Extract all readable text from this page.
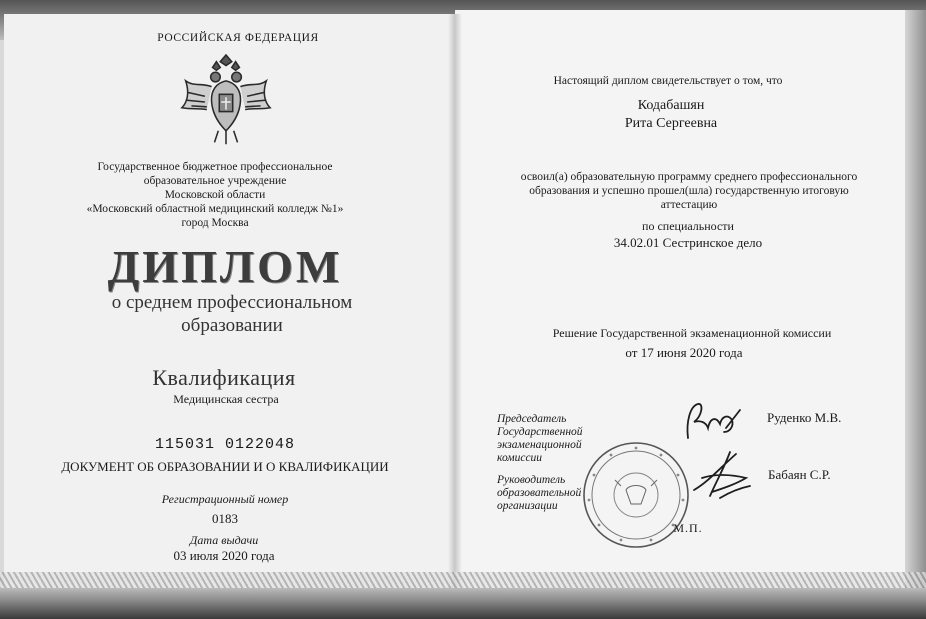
РОССИЙСКАЯ ФЕДЕРАЦИЯ
Государственное бюджетное профессиональное
образовательное учреждение
Московской области
«Московский областной медицинский колледж №1»
город Москва
ДИПЛОМ
о среднем профессиональном
образовании
Квалификация
Медицинская сестра
115031 0122048
ДОКУМЕНТ ОБ ОБРАЗОВАНИИ И О КВАЛИФИКАЦИИ
Регистрационный номер
0183
Дата выдачи
03 июля 2020 года
Настоящий диплом свидетельствует о том, что
Кодабашян
Рита Сергеевна
освоил(а) образовательную программу среднего профессионального
образования и успешно прошел(шла) государственную итоговую
аттестацию
по специальности
34.02.01 Сестринское дело
Решение Государственной экзаменационной комиссии
от 17 июня 2020 года
Председатель
Государственной
экзаменационной комиссии
Руденко М.В.
Руководитель образовательной
организации
Бабаян С.Р.
М.П.
